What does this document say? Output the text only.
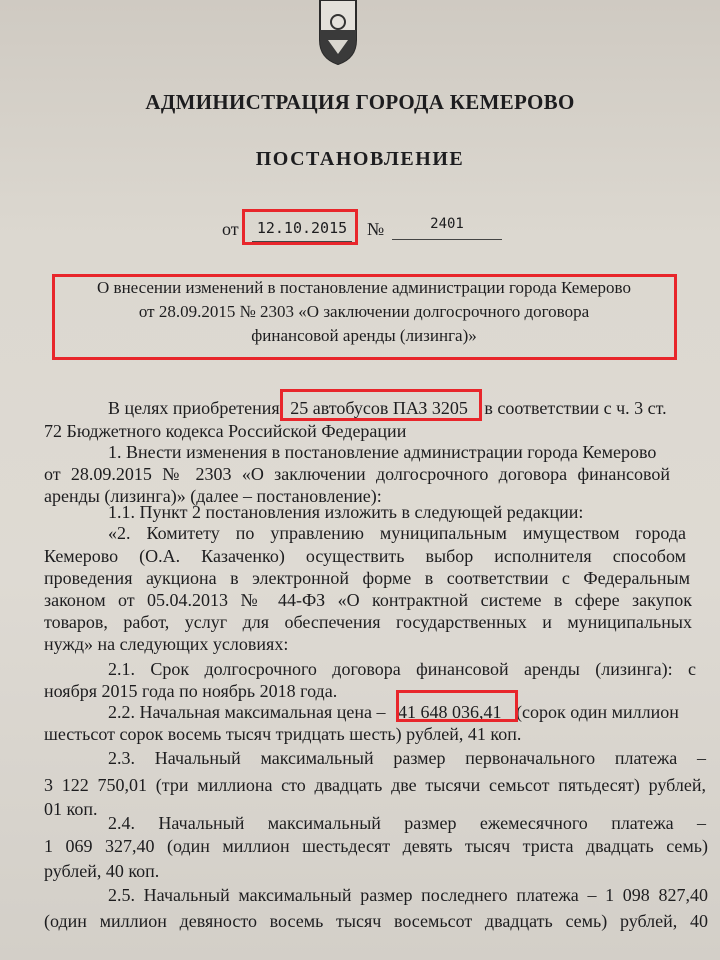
АДМИНИСТРАЦИЯ ГОРОДА КЕМЕРОВО
ПОСТАНОВЛЕНИЕ
от	12.10.2015 №	2401
О внесении изменений в постановление администрации города Кемерово
от 28.09.2015 № 2303 «О заключении долгосрочного договора
финансовой аренды (лизинга)»
В целях приобретения 25 автобусов ПАЗ 3205 в соответствии с ч. 3 ст.
72 Бюджетного кодекса Российской Федерации
1. Внести изменения в постановление администрации города Кемерово
от 28.09.2015 № 2303 «О заключении долгосрочного договора финансовой
аренды (лизинга)» (далее – постановление):
1.1. Пункт 2 постановления изложить в следующей редакции:
«2. Комитету по управлению муниципальным имуществом города
Кемерово (О.А. Казаченко) осуществить выбор исполнителя способом
проведения аукциона в электронной форме в соответствии с Федеральным
законом от 05.04.2013 № 44-ФЗ «О контрактной системе в сфере закупок
товаров, работ, услуг для обеспечения государственных и муниципальных
нужд» на следующих условиях:
2.1. Срок долгосрочного договора финансовой аренды (лизинга): с
ноября 2015 года по ноябрь 2018 года.
2.2. Начальная максимальная цена – 41 648 036,41 (сорок один миллион
шестьсот сорок восемь тысяч тридцать шесть) рублей, 41 коп.
2.3. Начальный максимальный размер первоначального платежа –
3 122 750,01 (три миллиона сто двадцать две тысячи семьсот пятьдесят) рублей,
01 коп.
2.4. Начальный максимальный размер ежемесячного платежа –
1 069 327,40 (один миллион шестьдесят девять тысяч триста двадцать семь)
рублей, 40 коп.
2.5. Начальный максимальный размер последнего платежа – 1 098 827,40
(один миллион девяносто восемь тысяч восемьсот двадцать семь) рублей, 40
